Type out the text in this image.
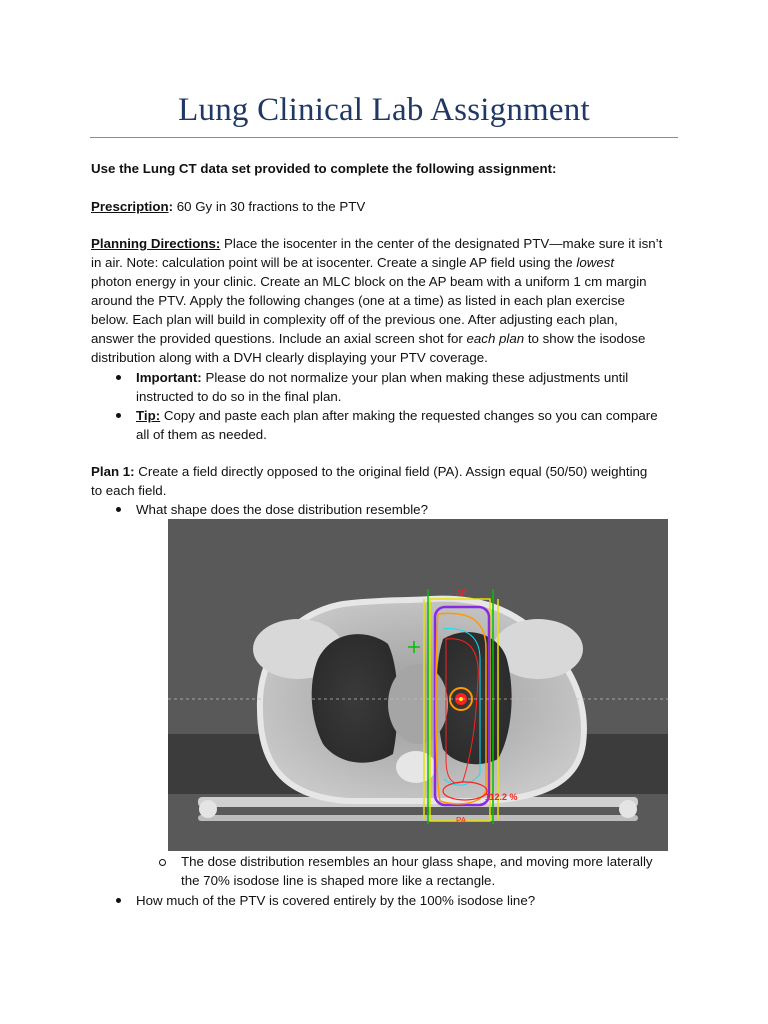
Lung Clinical Lab Assignment
Use the Lung CT data set provided to complete the following assignment:
Prescription: 60 Gy in 30 fractions to the PTV
Planning Directions: Place the isocenter in the center of the designated PTV—make sure it isn’t
in air. Note: calculation point will be at isocenter. Create a single AP field using the lowest
photon energy in your clinic. Create an MLC block on the AP beam with a uniform 1 cm margin
around the PTV. Apply the following changes (one at a time) as listed in each plan exercise
below. Each plan will build in complexity off of the previous one. After adjusting each plan,
answer the provided questions. Include an axial screen shot for each plan to show the isodose
distribution along with a DVH clearly displaying your PTV coverage.
Important: Please do not normalize your plan when making these adjustments until
instructed to do so in the final plan.
Tip: Copy and paste each plan after making the requested changes so you can compare
all of them as needed.
Plan 1: Create a field directly opposed to the original field (PA). Assign equal (50/50) weighting
to each field.
What shape does the dose distribution resemble?
AP
PA
112.2 %
The dose distribution resembles an hour glass shape, and moving more laterally
the 70% isodose line is shaped more like a rectangle.
How much of the PTV is covered entirely by the 100% isodose line?
